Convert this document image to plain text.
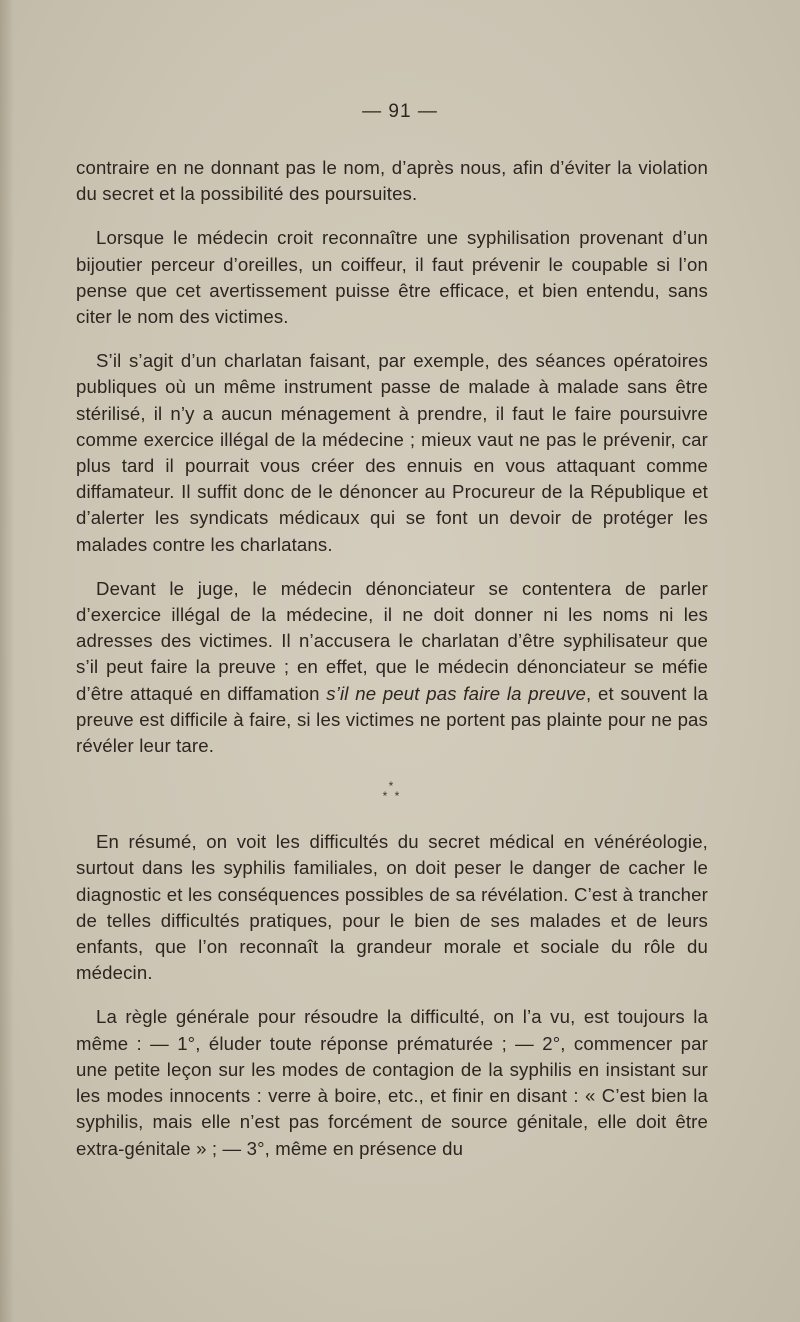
— 91 —

contraire en ne donnant pas le nom, d’après nous, afin d’éviter la violation du secret et la possibilité des poursuites.

Lorsque le médecin croit reconnaître une syphilisation provenant d’un bijoutier perceur d’oreilles, un coiffeur, il faut prévenir le coupable si l’on pense que cet avertissement puisse être efficace, et bien entendu, sans citer le nom des victimes.

S’il s’agit d’un charlatan faisant, par exemple, des séances opératoires publiques où un même instrument passe de malade à malade sans être stérilisé, il n’y a aucun ménagement à prendre, il faut le faire poursuivre comme exercice illégal de la médecine ; mieux vaut ne pas le prévenir, car plus tard il pourrait vous créer des ennuis en vous attaquant comme diffamateur. Il suffit donc de le dénoncer au Procureur de la République et d’alerter les syndicats médicaux qui se font un devoir de protéger les malades contre les charlatans.

Devant le juge, le médecin dénonciateur se contentera de parler d’exercice illégal de la médecine, il ne doit donner ni les noms ni les adresses des victimes. Il n’accusera le charlatan d’être syphilisateur que s’il peut faire la preuve ; en effet, que le médecin dénonciateur se méfie d’être attaqué en diffamation s’il ne peut pas faire la preuve, et souvent la preuve est difficile à faire, si les victimes ne portent pas plainte pour ne pas révéler leur tare.

*
* *

En résumé, on voit les difficultés du secret médical en vénéréologie, surtout dans les syphilis familiales, on doit peser le danger de cacher le diagnostic et les conséquences possibles de sa révélation. C’est à trancher de telles difficultés pratiques, pour le bien de ses malades et de leurs enfants, que l’on reconnaît la grandeur morale et sociale du rôle du médecin.

La règle générale pour résoudre la difficulté, on l’a vu, est toujours la même : — 1°, éluder toute réponse prématurée ; — 2°, commencer par une petite leçon sur les modes de contagion de la syphilis en insistant sur les modes innocents : verre à boire, etc., et finir en disant : « C’est bien la syphilis, mais elle n’est pas forcément de source génitale, elle doit être extra-génitale » ; — 3°, même en présence du
